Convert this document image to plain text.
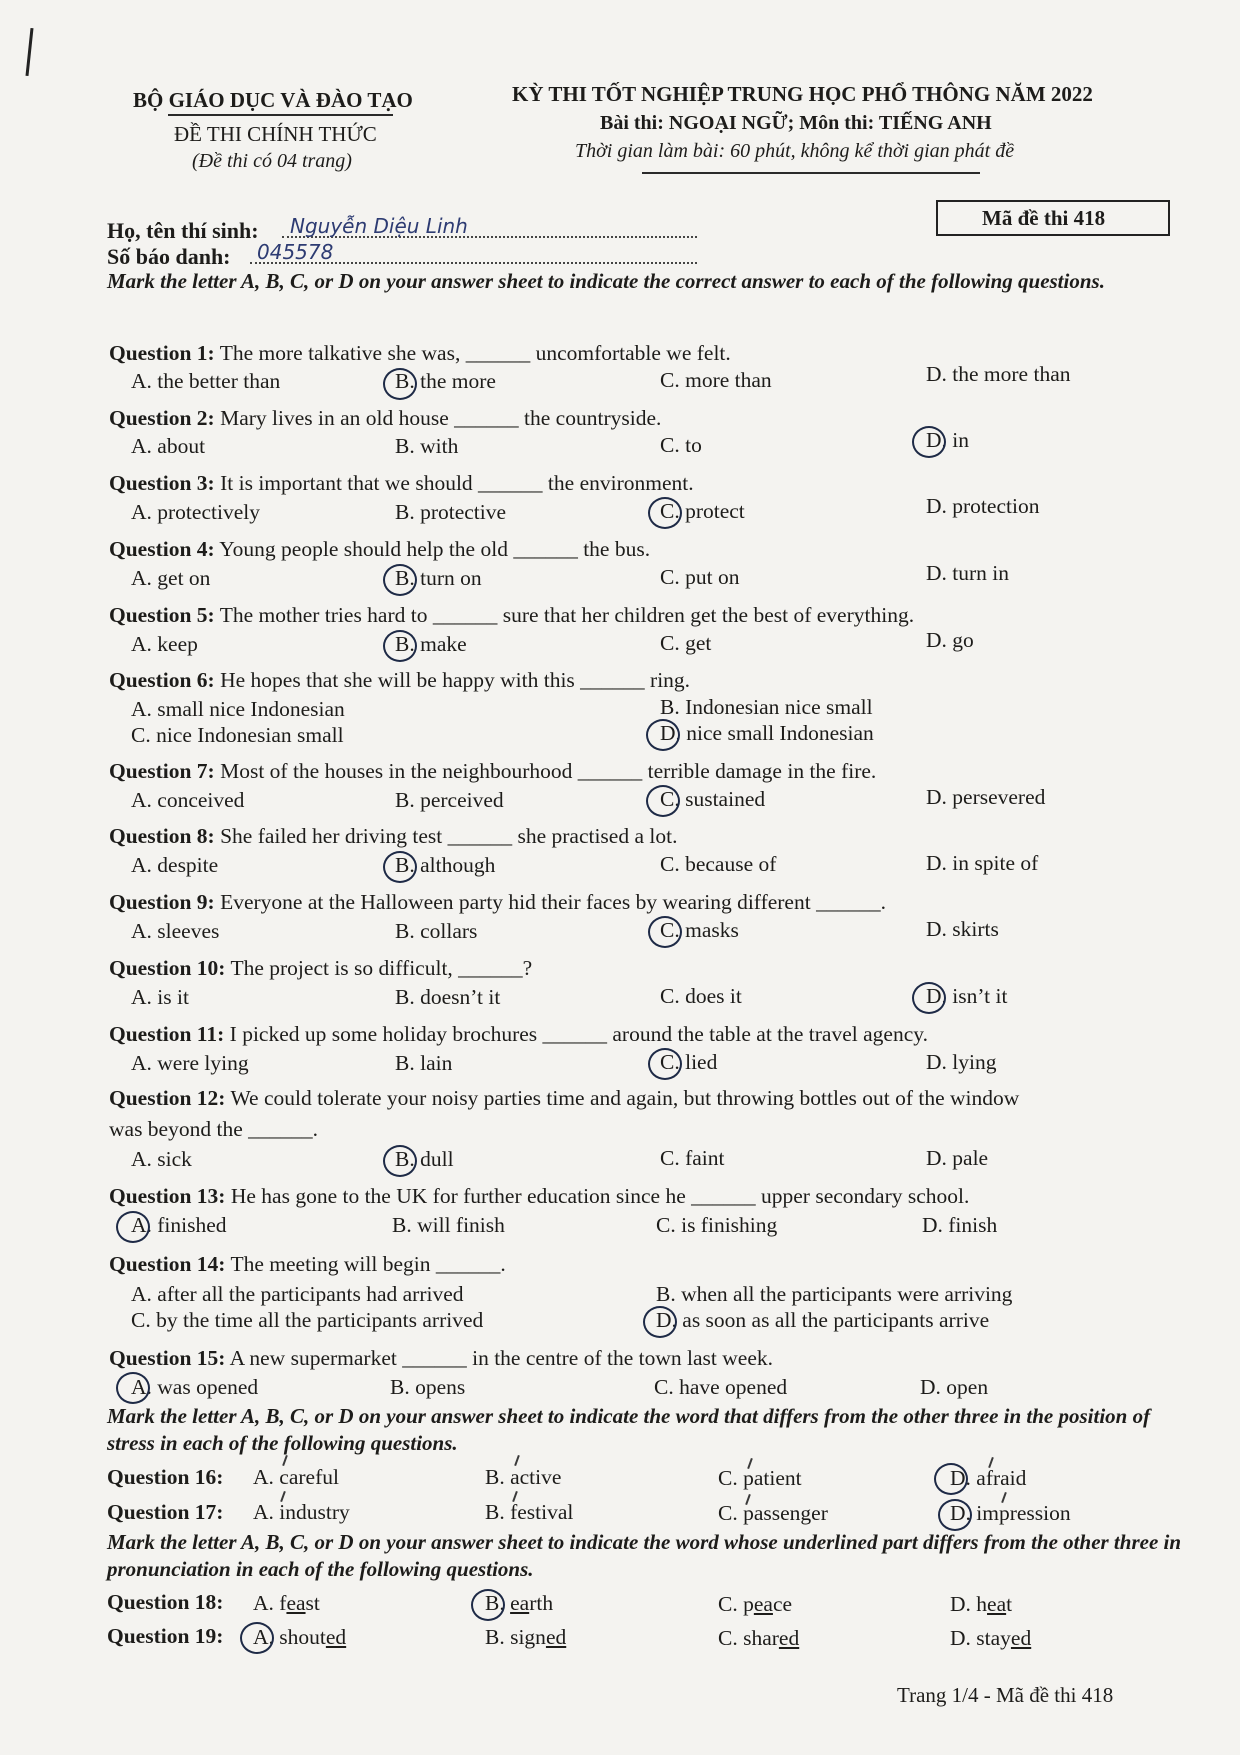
BỘ GIÁO DỤC VÀ ĐÀO TẠO
ĐỀ THI CHÍNH THỨC
(Đề thi có 04 trang)
KỲ THI TỐT NGHIỆP TRUNG HỌC PHỔ THÔNG NĂM 2022
Bài thi: NGOẠI NGỮ; Môn thi: TIẾNG ANH
Thời gian làm bài: 60 phút, không kể thời gian phát đề
Họ, tên thí sinh: Nguyễn Diệu Linh
Số báo danh: 045578
Mã đề thi 418
Mark the letter A, B, C, or D on your answer sheet to indicate the correct answer to each of the following questions.
Question 1: The more talkative she was, ______ uncomfortable we felt.
A. the better than	B. the more	C. more than	D. the more than
Question 2: Mary lives in an old house ______ the countryside.
A. about	B. with	C. to	D. in
Question 3: It is important that we should ______ the environment.
A. protectively	B. protective	C. protect	D. protection
Question 4: Young people should help the old ______ the bus.
A. get on	B. turn on	C. put on	D. turn in
Question 5: The mother tries hard to ______ sure that her children get the best of everything.
A. keep	B. make	C. get	D. go
Question 6: He hopes that she will be happy with this ______ ring.
A. small nice Indonesian	B. Indonesian nice small
C. nice Indonesian small	D. nice small Indonesian
Question 7: Most of the houses in the neighbourhood ______ terrible damage in the fire.
A. conceived	B. perceived	C. sustained	D. persevered
Question 8: She failed her driving test ______ she practised a lot.
A. despite	B. although	C. because of	D. in spite of
Question 9: Everyone at the Halloween party hid their faces by wearing different ______.
A. sleeves	B. collars	C. masks	D. skirts
Question 10: The project is so difficult, ______?
A. is it	B. doesn’t it	C. does it	D. isn’t it
Question 11: I picked up some holiday brochures ______ around the table at the travel agency.
A. were lying	B. lain	C. lied	D. lying
Question 12: We could tolerate your noisy parties time and again, but throwing bottles out of the window
was beyond the ______.
A. sick	B. dull	C. faint	D. pale
Question 13: He has gone to the UK for further education since he ______ upper secondary school.
A. finished	B. will finish	C. is finishing	D. finish
Question 14: The meeting will begin ______.
A. after all the participants had arrived	B. when all the participants were arriving
C. by the time all the participants arrived	D. as soon as all the participants arrive
Question 15: A new supermarket ______ in the centre of the town last week.
A. was opened	B. opens	C. have opened	D. open
Mark the letter A, B, C, or D on your answer sheet to indicate the word that differs from the other three in the position of stress in each of the following questions.
Question 16: A. careful	B. active	C. patient	D. afraid
Question 17: A. industry	B. festival	C. passenger	D. impression
Mark the letter A, B, C, or D on your answer sheet to indicate the word whose underlined part differs from the other three in pronunciation in each of the following questions.
Question 18: A. feast	B. earth	C. peace	D. heat
Question 19: A. shouted	B. signed	C. shared	D. stayed
Trang 1/4 - Mã đề thi 418
